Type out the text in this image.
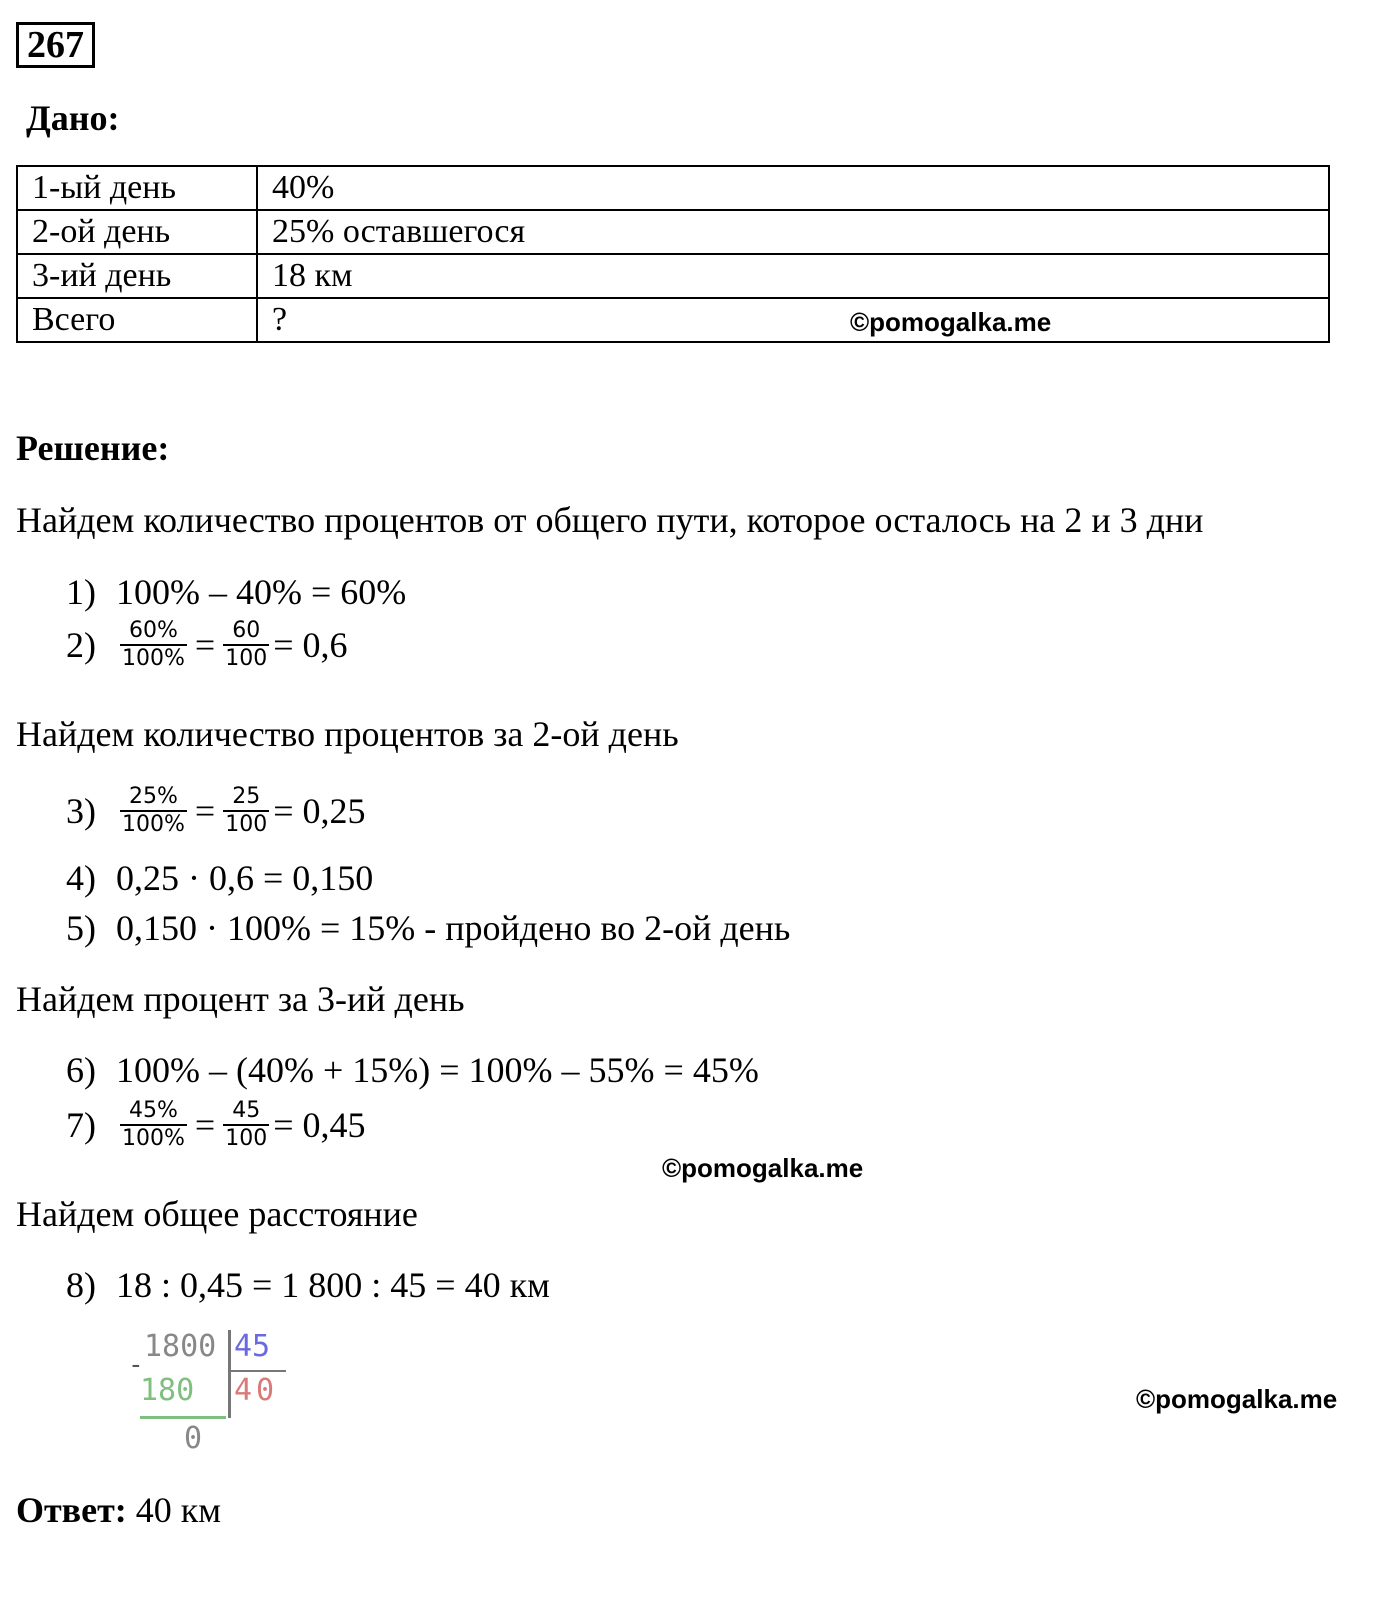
267
Дано:
1-ый день	40%
2-ой день	25% оставшегося
3-ий день	18 км
Всего	?	©pomogalka.me
Решение:
Найдем количество процентов от общего пути, которое осталось на 2 и 3 дни
1) 100% – 40% = 60%
2)	$\frac{60\%}{100\%} = \frac{60}{100} = 0,6$
Найдем количество процентов за 2-ой день
3)	$\frac{25\%}{100\%} = \frac{25}{100} = 0,25$
4) 0,25 · 0,6 = 0,150
5) 0,150 · 100% = 15% - пройдено во 2-ой день
Найдем процент за 3-ий день
6) 100% – (40% + 15%) = 100% – 55% = 45%
7)	$\frac{45\%}{100\%} = \frac{45}{100} = 0,45$
©pomogalka.me
Найдем общее расстояние
8) 18 : 0,45 = 1 800 : 45 = 40 км
-
1800 45
180 40
0
©pomogalka.me
Ответ: 40 км
